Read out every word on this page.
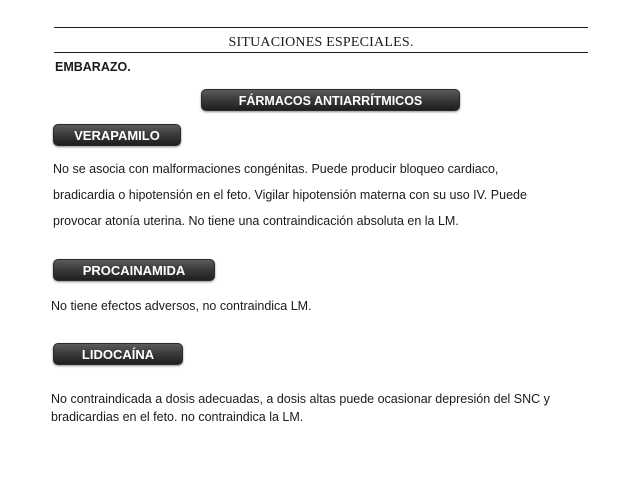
SITUACIONES ESPECIALES.
EMBARAZO.
FÁRMACOS ANTIARRÍTMICOS
VERAPAMILO
No se asocia con malformaciones congénitas. Puede producir bloqueo cardiaco,
bradicardia o hipotensión en el feto. Vigilar hipotensión materna con su uso IV. Puede
provocar atonía uterina. No tiene una contraindicación absoluta en la LM.
PROCAINAMIDA
No tiene efectos adversos, no contraindica LM.
LIDOCAÍNA
No contraindicada a dosis adecuadas, a dosis altas puede ocasionar depresión del SNC y
bradicardias en el feto. no contraindica la LM.
